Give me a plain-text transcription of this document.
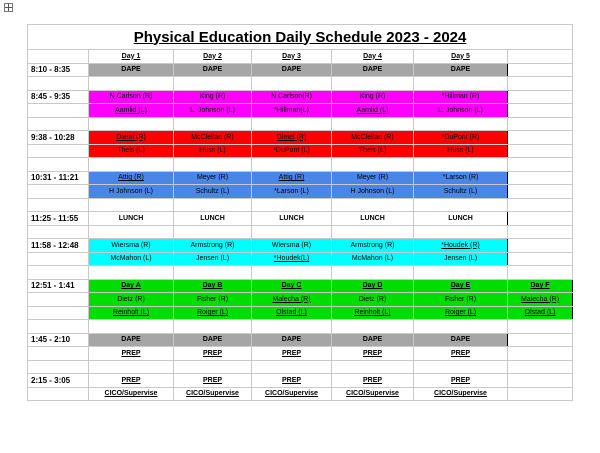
Physical Education Daily Schedule 2023 - 2024						
	Day 1	Day 2	Day 3	Day 4	Day 5	
8:10 - 8:35	DAPE	DAPE	DAPE	DAPE	DAPE	

8:45 - 9:35	N Carlson (R)	King (R)	N Carlson(R)	King (R)	*Hillman (R)	
	Aamlid (L)	L. Johnson (L)	*Hillman(L)	Aamlid (L)	L. Johnson (L)	

9:38 - 10:28	Dietel (R)	McClellan (R)	Dietel (R)	McClellan (R)	*DuPont (R)	
	Theis (L)	Huss (L)	*DuPont (L)	Theis (L)	Huss (L)	

10:31 - 11:21	Attig (R)	Meyer (R)	Attig (R)	Meyer (R)	*Larson (R)	
	H Johnson (L)	Schultz (L)	*Larson (L)	H Johnson (L)	Schultz (L)	

11:25 - 11:55	LUNCH	LUNCH	LUNCH	LUNCH	LUNCH	

11:58 - 12:48	Wiersma (R)	Armstrong (R)	Wiersma (R)	Armstrong (R)	*Houdek (R)	
	McMahon (L)	Jensen (L)	*Houdek(L)	McMahon (L)	Jensen (L)	

12:51 - 1:41	Day A	Day B	Day C	Day D	Day E	Day F
	Dietz (R)	Fisher (R)	Malecha (R)	Dietz (R)	Fisher (R)	Malecha (R)
	Reinholt (L)	Roiger (L)	Olstad (L)	Reinholt (L)	Roiger (L)	Olstad (L)

1:45 - 2:10	DAPE	DAPE	DAPE	DAPE	DAPE	
	PREP	PREP	PREP	PREP	PREP	

2:15 - 3:05	PREP	PREP	PREP	PREP	PREP	
	CICO/Supervise	CICO/Supervise	CICO/Supervise	CICO/Supervise	CICO/Supervise	
